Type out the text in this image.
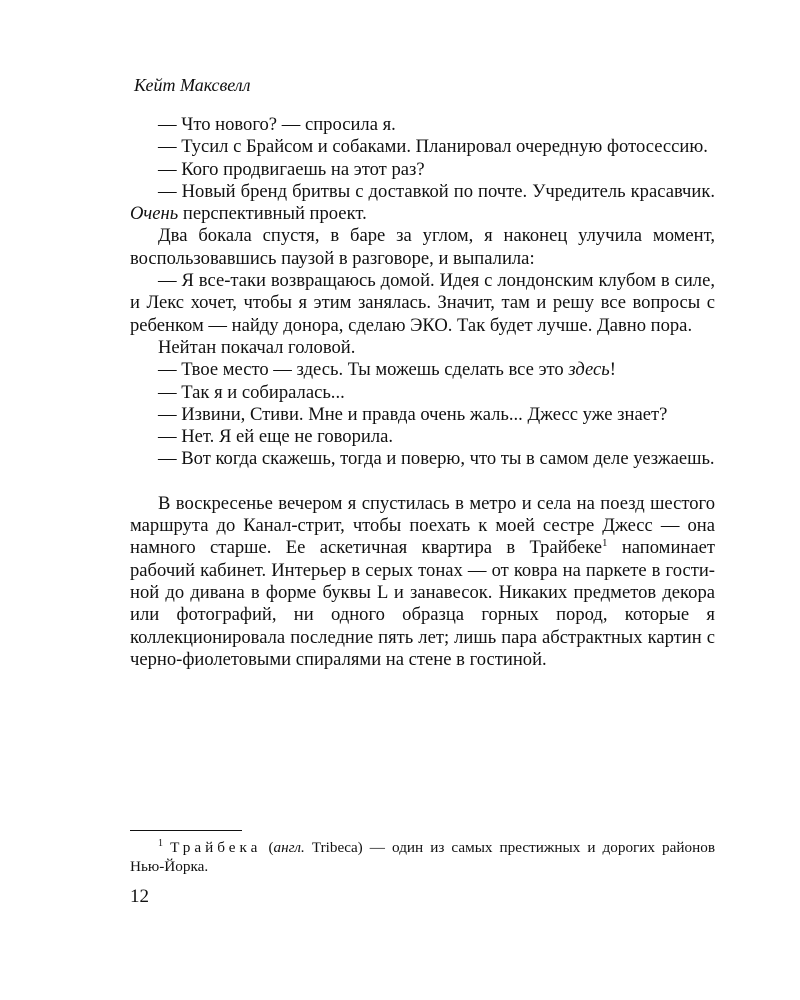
Кейт Максвелл

— Что нового? — спросила я.

— Тусил с Брайсом и собаками. Планировал очередную фотосессию.

— Кого продвигаешь на этот раз?

— Новый бренд бритвы с доставкой по почте. Учредитель красавчик. Очень перспективный проект.

Два бокала спустя, в баре за углом, я наконец улучила момент, воспользовавшись паузой в разговоре, и выпалила:

— Я все-таки возвращаюсь домой. Идея с лондонским клубом в силе, и Лекс хочет, чтобы я этим занялась. Значит, там и решу все вопросы с ребенком — найду донора, сделаю ЭКО. Так будет лучше. Давно пора.

Нейтан покачал головой.

— Твое место — здесь. Ты можешь сделать все это здесь!

— Так я и собиралась...

— Извини, Стиви. Мне и правда очень жаль... Джесс уже знает?

— Нет. Я ей еще не говорила.

— Вот когда скажешь, тогда и поверю, что ты в самом деле уезжаешь.

В воскресенье вечером я спустилась в метро и села на поезд шестого маршрута до Канал-стрит, чтобы поехать к моей сестре Джесс — она намного старше. Ее аскетичная квартира в Трайбеке$^1$ напоминает рабочий кабинет. Интерьер в серых тонах — от ковра на паркете в гостиной до дивана в форме буквы L и занавесок. Никаких предметов декора или фотографий, ни одного образца горных пород, которые я коллекционировала последние пять лет; лишь пара абстрактных картин с черно-фиолетовыми спиралями на стене в гостиной.

$^1$ Трайбека (англ. Tribeca) — один из самых престижных и дорогих районов Нью-Йорка.

12
